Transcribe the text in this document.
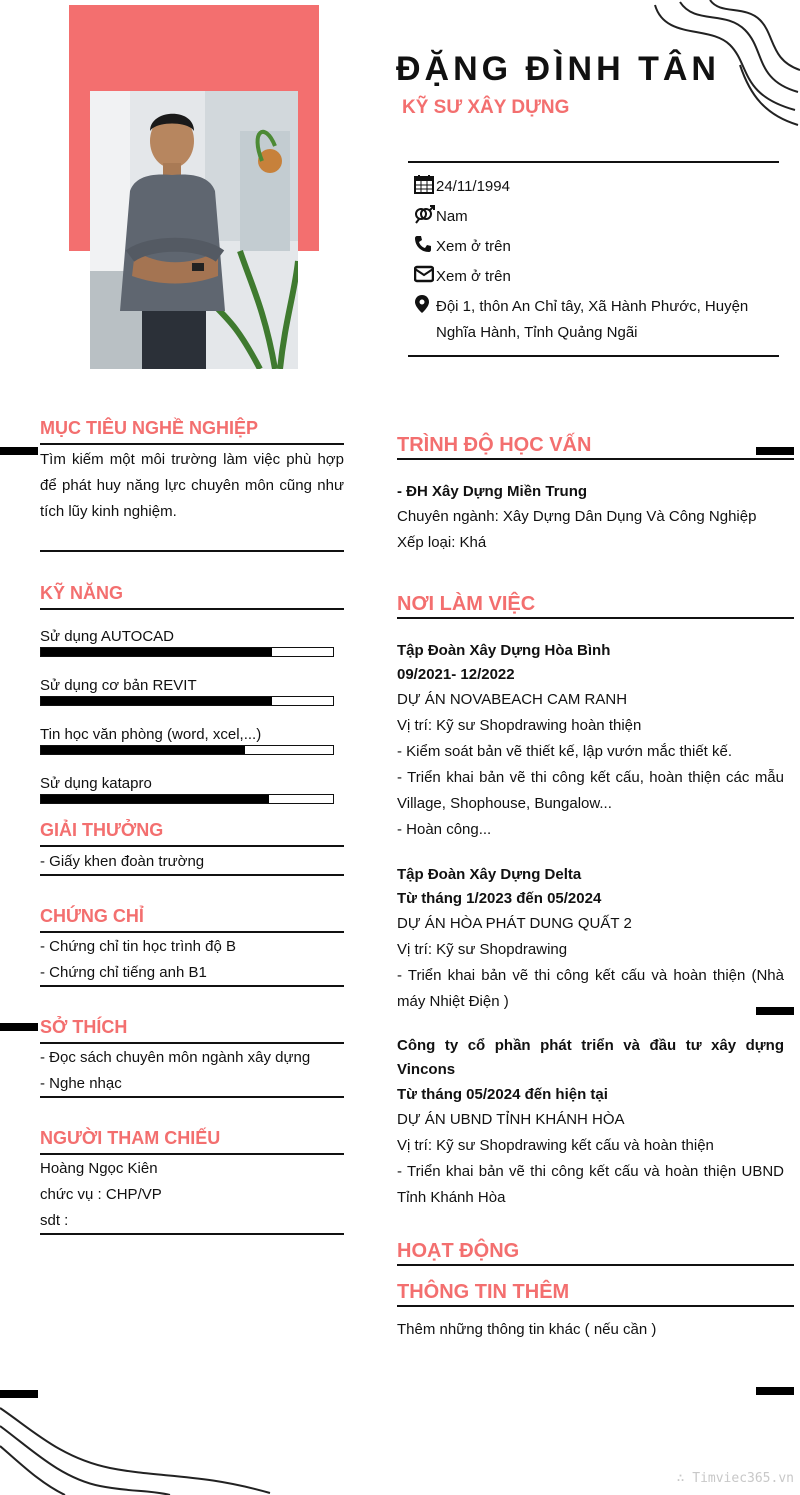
ĐẶNG ĐÌNH TÂN
KỸ SƯ XÂY DỰNG
24/11/1994
Nam
Xem ở trên
Xem ở trên
Đội 1, thôn An Chỉ tây, Xã Hành Phước, Huyện
Nghĩa Hành, Tỉnh Quảng Ngãi
MỤC TIÊU NGHỀ NGHIỆP
Tìm kiếm một môi trường làm việc phù hợp để phát huy năng lực chuyên môn cũng như tích lũy kinh nghiệm.
KỸ NĂNG
Sử dụng AUTOCAD
Sử dụng cơ bản REVIT
Tin học văn phòng (word, xcel,...)
Sử dụng katapro
GIẢI THƯỞNG
- Giấy khen đoàn trường
CHỨNG CHỈ
- Chứng chỉ tin học trình độ B
- Chứng chỉ tiếng anh B1
SỞ THÍCH
- Đọc sách chuyên môn ngành xây dựng
- Nghe nhạc
NGƯỜI THAM CHIẾU
Hoàng Ngọc Kiên
chức vụ : CHP/VP
sdt :
TRÌNH ĐỘ HỌC VẤN
- ĐH Xây Dựng Miền Trung
Chuyên ngành: Xây Dựng Dân Dụng Và Công Nghiệp
Xếp loại: Khá
NƠI LÀM VIỆC
Tập Đoàn Xây Dựng Hòa Bình
09/2021- 12/2022
DỰ ÁN NOVABEACH CAM RANH
Vị trí: Kỹ sư Shopdrawing hoàn thiện
- Kiểm soát bản vẽ thiết kế, lập vướn mắc thiết kế.
- Triển khai bản vẽ thi công kết cấu, hoàn thiện các mẫu Village, Shophouse, Bungalow...
- Hoàn công...
Tập Đoàn Xây Dựng Delta
Từ tháng 1/2023 đến 05/2024
DỰ ÁN HÒA PHÁT DUNG QUẤT 2
Vị trí: Kỹ sư Shopdrawing
- Triển khai bản vẽ thi công kết cấu và hoàn thiện (Nhà máy Nhiệt Điện )
Công ty cổ phần phát triển và đầu tư xây dựng Vincons
Từ tháng 05/2024 đến hiện tại
DỰ ÁN UBND TỈNH KHÁNH HÒA
Vị trí: Kỹ sư Shopdrawing kết cấu và hoàn thiện
- Triển khai bản vẽ thi công kết cấu và hoàn thiện UBND Tỉnh Khánh Hòa
HOẠT ĐỘNG
THÔNG TIN THÊM
Thêm những thông tin khác ( nếu cần )
∴ Timviec365.vn
